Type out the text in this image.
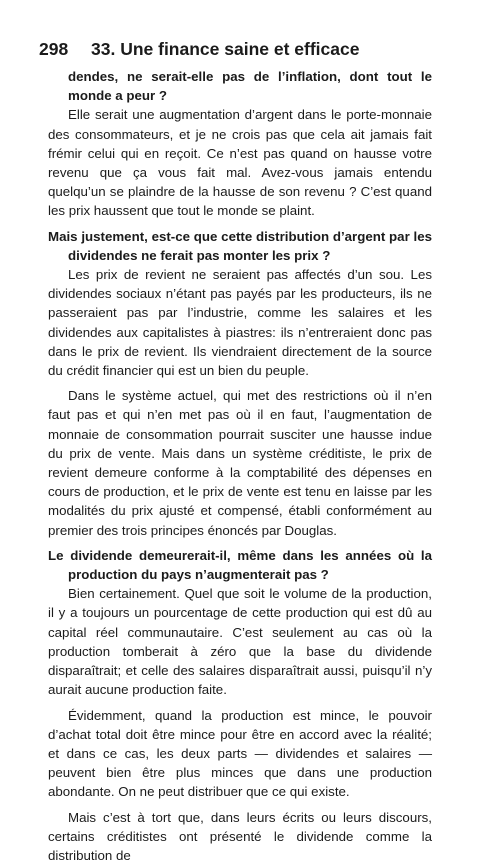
298 33. Une finance saine et efficace

dendes, ne serait-elle pas de l’inflation, dont tout le monde a peur ?

Elle serait une augmentation d’argent dans le porte-monnaie des consommateurs, et je ne crois pas que cela ait jamais fait frémir celui qui en reçoit. Ce n’est pas quand on hausse votre revenu que ça vous fait mal. Avez-vous jamais entendu quelqu’un se plaindre de la hausse de son revenu ? C’est quand les prix haussent que tout le monde se plaint.

Mais justement, est-ce que cette distribution d’argent par les dividendes ne ferait pas monter les prix ?

Les prix de revient ne seraient pas affectés d’un sou. Les dividendes sociaux n’étant pas payés par les producteurs, ils ne passeraient pas par l’industrie, comme les salaires et les dividendes aux capitalistes à piastres: ils n’entreraient donc pas dans le prix de revient. Ils viendraient directement de la source du crédit financier qui est un bien du peuple.

Dans le système actuel, qui met des restrictions où il n’en faut pas et qui n’en met pas où il en faut, l’augmentation de monnaie de consommation pourrait susciter une hausse indue du prix de vente. Mais dans un système créditiste, le prix de revient demeure conforme à la comptabilité des dépenses en cours de production, et le prix de vente est tenu en laisse par les modalités du prix ajusté et compensé, établi conformément au premier des trois principes énoncés par Douglas.

Le dividende demeurerait-il, même dans les années où la production du pays n’augmenterait pas ?

Bien certainement. Quel que soit le volume de la production, il y a toujours un pourcentage de cette production qui est dû au capital réel communautaire. C’est seulement au cas où la production tomberait à zéro que la base du dividende disparaîtrait; et celle des salaires disparaîtrait aussi, puisqu’il n’y aurait aucune production faite.

Évidemment, quand la production est mince, le pouvoir d’achat total doit être mince pour être en accord avec la réalité; et dans ce cas, les deux parts — dividendes et salaires — peuvent bien être plus minces que dans une production abondante. On ne peut distribuer que ce qui existe.

Mais c’est à tort que, dans leurs écrits ou leurs discours, certains créditistes ont présenté le dividende comme la distribution de
